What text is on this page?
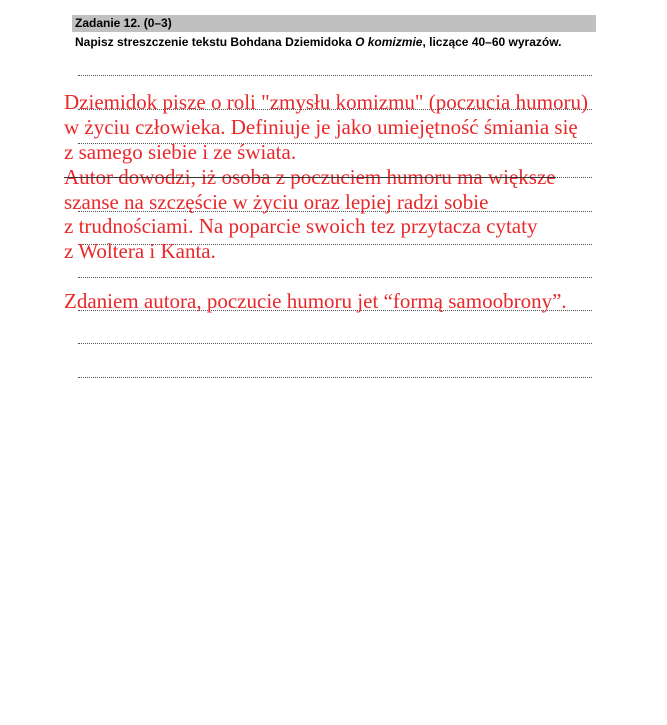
Zadanie 12. (0–3)
Napisz streszczenie tekstu Bohdana Dziemidoka O komizmie, liczące 40–60 wyrazów.
Dziemidok pisze o roli "zmysłu komizmu" (poczucia humoru)
w życiu człowieka. Definiuje je jako umiejętność śmiania się
z samego siebie i ze świata.
Autor dowodzi, iż osoba z poczuciem humoru ma większe
szanse na szczęście w życiu oraz lepiej radzi sobie
z trudnościami. Na poparcie swoich tez przytacza cytaty
z Woltera i Kanta.
Zdaniem autora, poczucie humoru jet “formą samoobrony”.
